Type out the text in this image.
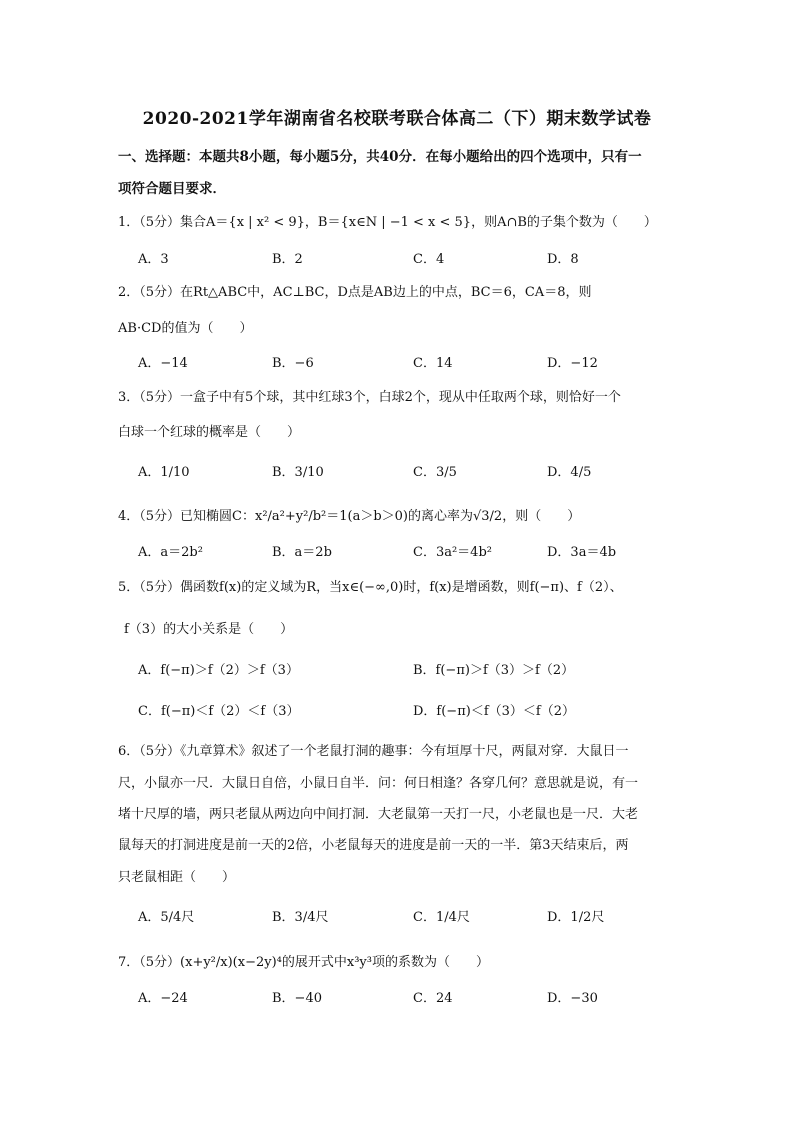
2020-2021学年湖南省名校联考联合体高二（下）期末数学试卷
一、选择题：本题共8小题，每小题5分，共40分．在每小题给出的四个选项中，只有一
项符合题目要求．
1．（5分）集合A＝{x | x² < 9}，B＝{x∈N | −1 < x < 5}，则A∩B的子集个数为（　　）
A．3	B．2	C．4	D．8
2．（5分）在Rt△ABC中，AC⊥BC，D点是AB边上的中点，BC＝6，CA＝8，则
AB·CD的值为（　　）
A．−14	B．−6	C．14	D．−12
3．（5分）一盒子中有5个球，其中红球3个，白球2个，现从中任取两个球，则恰好一个
白球一个红球的概率是（　　）
A．1/10	B．3/10	C．3/5	D．4/5
4．（5分）已知椭圆C：x²/a²+y²/b²＝1(a＞b＞0)的离心率为√3/2，则（　　）
A．a＝2b²	B．a＝2b	C．3a²＝4b²	D．3a＝4b
5．（5分）偶函数f(x)的定义域为R，当x∈(−∞,0)时，f(x)是增函数，则f(−π)、f（2）、
f（3）的大小关系是（　　）
A．f(−π)＞f（2）＞f（3）	B．f(−π)＞f（3）＞f（2）
C．f(−π)＜f（2）＜f（3）	D．f(−π)＜f（3）＜f（2）
6．（5分）《九章算术》叙述了一个老鼠打洞的趣事：今有垣厚十尺，两鼠对穿．大鼠日一
尺，小鼠亦一尺．大鼠日自倍，小鼠日自半．问：何日相逢？各穿几何？意思就是说，有一
堵十尺厚的墙，两只老鼠从两边向中间打洞．大老鼠第一天打一尺，小老鼠也是一尺．大老
鼠每天的打洞进度是前一天的2倍，小老鼠每天的进度是前一天的一半．第3天结束后，两
只老鼠相距（　　）
A．5/4尺	B．3/4尺	C．1/4尺	D．1/2尺
7．（5分）(x+y²/x)(x−2y)⁴的展开式中x³y³项的系数为（　　）
A．−24	B．−40	C．24	D．−30
